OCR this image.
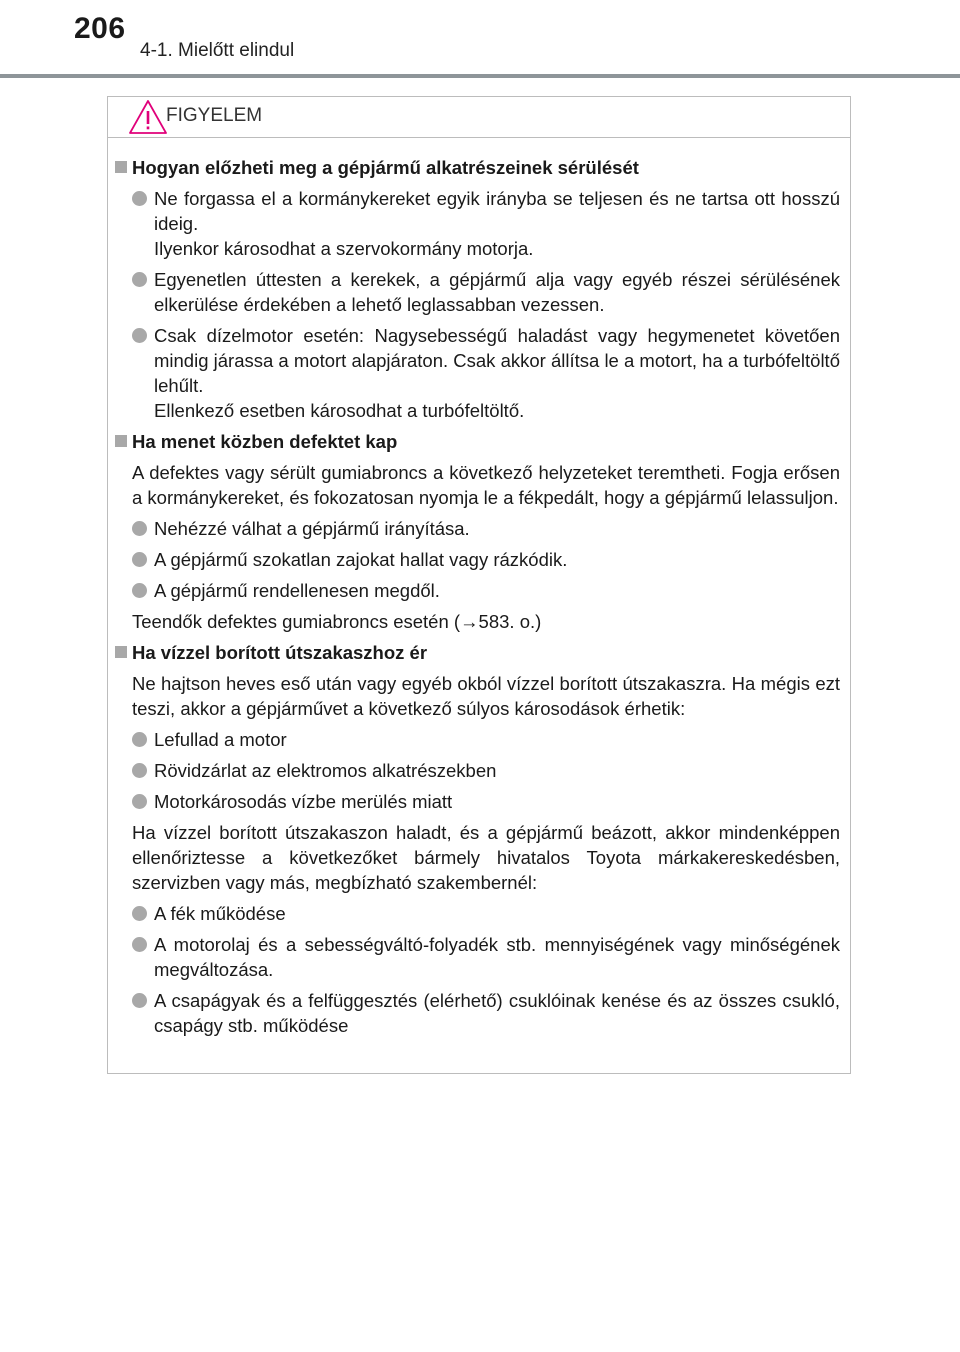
206
4-1. Mielőtt elindul
FIGYELEM
Hogyan előzheti meg a gépjármű alkatrészeinek sérülését
Ne forgassa el a kormánykereket egyik irányba se teljesen és ne tartsa ott hosszú ideig.
Ilyenkor károsodhat a szervokormány motorja.
Egyenetlen úttesten a kerekek, a gépjármű alja vagy egyéb részei sérülésének elkerülése érdekében a lehető leglassabban vezessen.
Csak dízelmotor esetén: Nagysebességű haladást vagy hegymenetet követően mindig járassa a motort alapjáraton. Csak akkor állítsa le a motort, ha a turbófeltöltő lehűlt.
Ellenkező esetben károsodhat a turbófeltöltő.
Ha menet közben defektet kap
A defektes vagy sérült gumiabroncs a következő helyzeteket teremtheti. Fogja erősen a kormánykereket, és fokozatosan nyomja le a fékpedált, hogy a gépjármű lelassuljon.
Nehézzé válhat a gépjármű irányítása.
A gépjármű szokatlan zajokat hallat vagy rázkódik.
A gépjármű rendellenesen megdől.
Teendők defektes gumiabroncs esetén (→583. o.)
Ha vízzel borított útszakaszhoz ér
Ne hajtson heves eső után vagy egyéb okból vízzel borított útszakaszra. Ha mégis ezt teszi, akkor a gépjárművet a következő súlyos károsodások érhetik:
Lefullad a motor
Rövidzárlat az elektromos alkatrészekben
Motorkárosodás vízbe merülés miatt
Ha vízzel borított útszakaszon haladt, és a gépjármű beázott, akkor mindenképpen ellenőriztesse a következőket bármely hivatalos Toyota márkakereskedésben, szervizben vagy más, megbízható szakembernél:
A fék működése
A motorolaj és a sebességváltó-folyadék stb. mennyiségének vagy minőségének megváltozása.
A csapágyak és a felfüggesztés (elérhető) csuklóinak kenése és az összes csukló, csapágy stb. működése
